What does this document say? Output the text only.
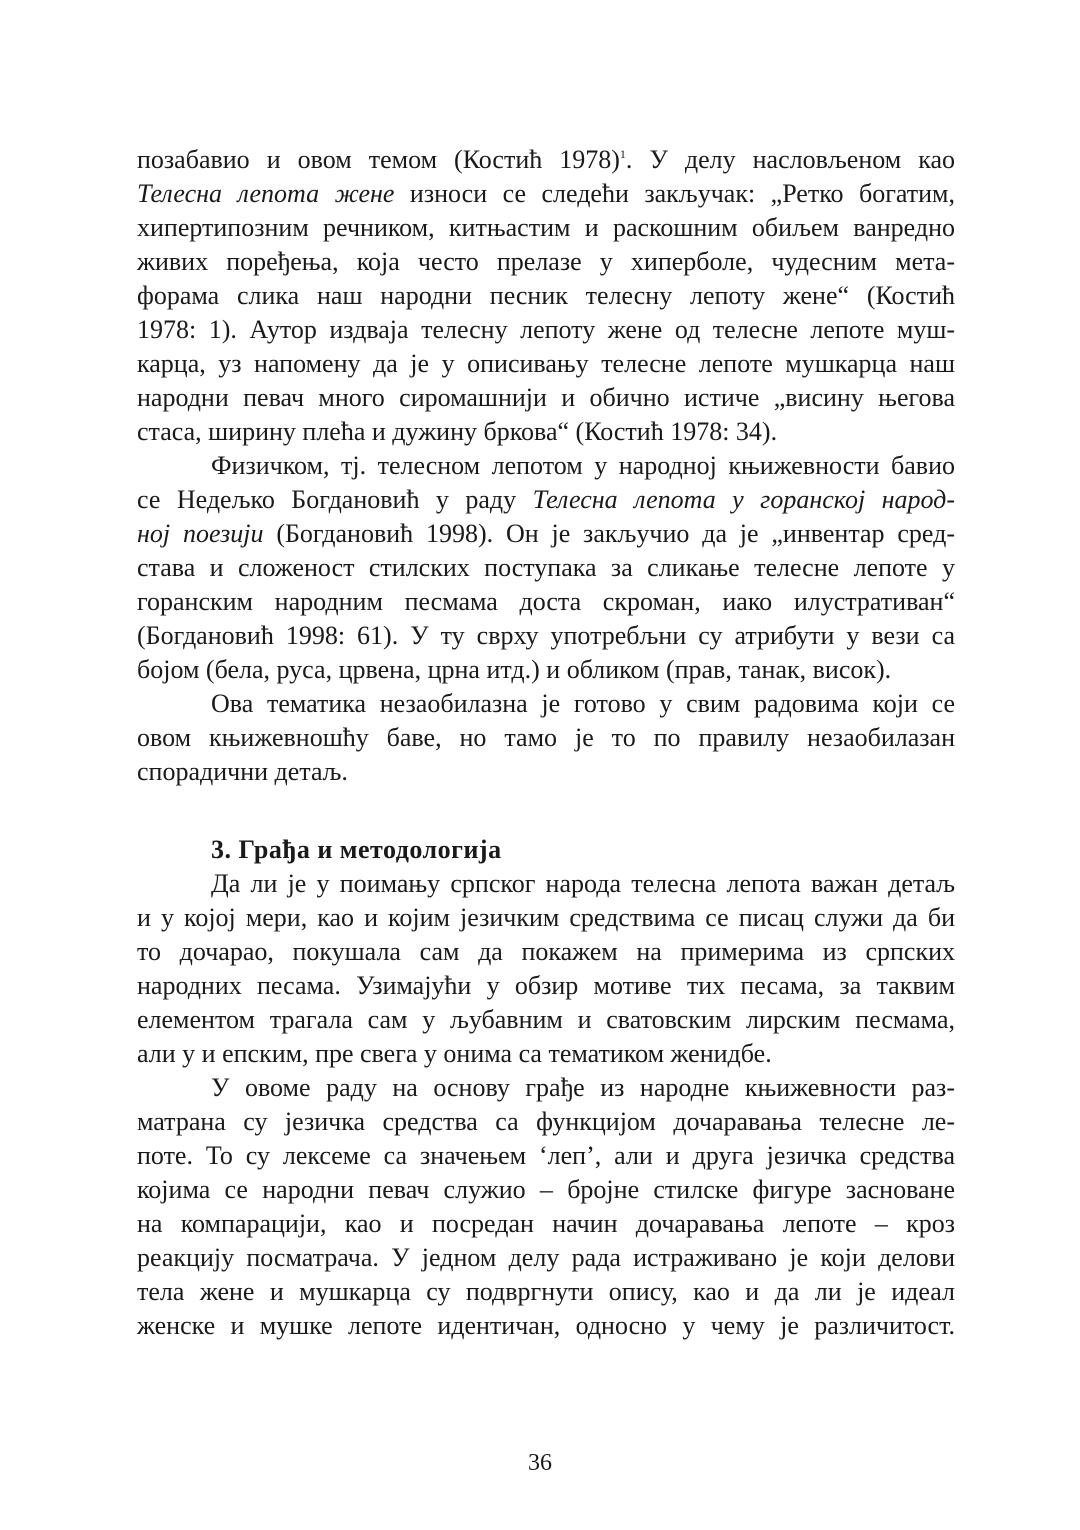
позабавио и овом темом (Костић 1978)$^1$. У делу насловљеном као
Телесна лепота жене износи се следећи закључак: „Ретко богатим,
хипертипозним речником, китњастим и раскошним обиљем ванредно
живих поређења, која често прелазе у хиперболе, чудесним мета-
форама слика наш народни песник телесну лепоту жене“ (Костић
1978: 1). Аутор издваја телесну лепоту жене од телесне лепоте муш-
карца, уз напомену да је у описивању телесне лепоте мушкарца наш
народни певач много сиромашнији и обично истиче „висину његова
стаса, ширину плећа и дужину бркова“ (Костић 1978: 34).
Физичком, тј. телесном лепотом у народној књижевности бавио
се Недељко Богдановић у раду Телесна лепота у горанској народ-
ној поезији (Богдановић 1998). Он је закључио да је „инвентар сред-
става и сложеност стилских поступака за сликање телесне лепоте у
горанским народним песмама доста скроман, иако илустративан“
(Богдановић 1998: 61). У ту сврху употребљни су атрибути у вези са
бојом (бела, руса, црвена, црна итд.) и обликом (прав, танак, висок).
Ова тематика незаобилазна је готово у свим радовима који се
овом књижевношћу баве, но тамо је то по правилу незаобилазан
спорадични детаљ.
3. Грађа и методологија
Да ли је у поимању српског народа телесна лепота важан детаљ
и у којој мери, као и којим језичким средствима се писац служи да би
то дочарао, покушала сам да покажем на примерима из српских
народних песама. Узимајући у обзир мотиве тих песама, за таквим
елементом трагала сам у љубавним и сватовским лирским песмама,
али у и епским, пре свега у онима са тематиком женидбе.
У овоме раду на основу грађе из народне књижевности раз-
матрана су језичка средства са функцијом дочаравања телесне ле-
поте. То су лексеме са значењем ‘леп’, али и друга језичка средства
којима се народни певач служио – бројне стилске фигуре засноване
на компарацији, као и посредан начин дочаравања лепоте – кроз
реакцију посматрача. У једном делу рада истраживано је који делови
тела жене и мушкарца су подвргнути опису, као и да ли је идеал
женске и мушке лепоте идентичан, односно у чему је различитост.
36
